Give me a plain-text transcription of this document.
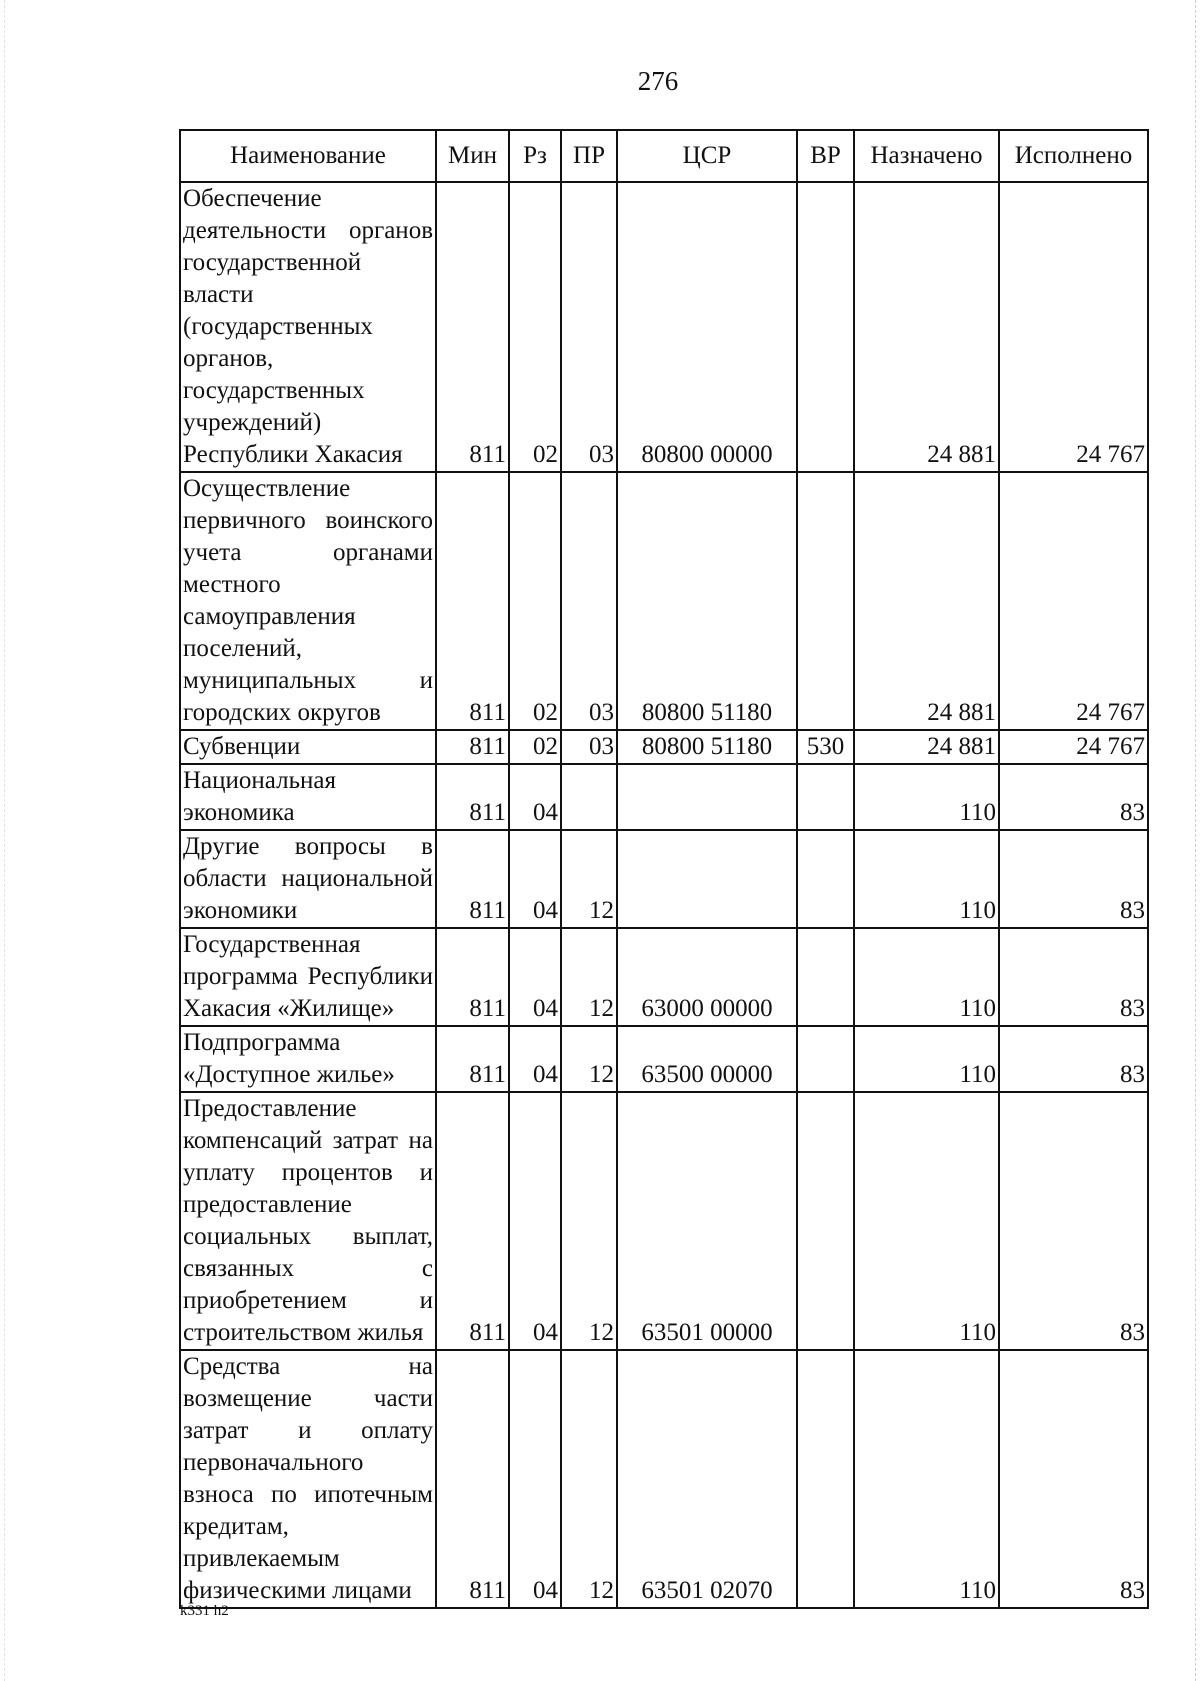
276
Наименование	Мин	Рз	ПР	ЦСР	ВР	Назначено	Исполнено
Обеспечение деятельности органов государственной власти (государственных органов, государственных учреждений) Республики Хакасия	811	02	03	80800 00000		24 881	24 767
Осуществление первичного воинского учета органами местного самоуправления поселений, муниципальных и городских округов	811	02	03	80800 51180		24 881	24 767
Субвенции	811	02	03	80800 51180	530	24 881	24 767
Национальная экономика	811	04				110	83
Другие вопросы в области национальной экономики	811	04	12			110	83
Государственная программа Республики Хакасия «Жилище»	811	04	12	63000 00000		110	83
Подпрограмма «Доступное жилье»	811	04	12	63500 00000		110	83
Предоставление компенсаций затрат на уплату процентов и предоставление социальных выплат, связанных с приобретением и строительством жилья	811	04	12	63501 00000		110	83
Средства на возмещение части затрат и оплату первоначального взноса по ипотечным кредитам, привлекаемым физическими лицами	811	04	12	63501 02070		110	83
k331 h2
